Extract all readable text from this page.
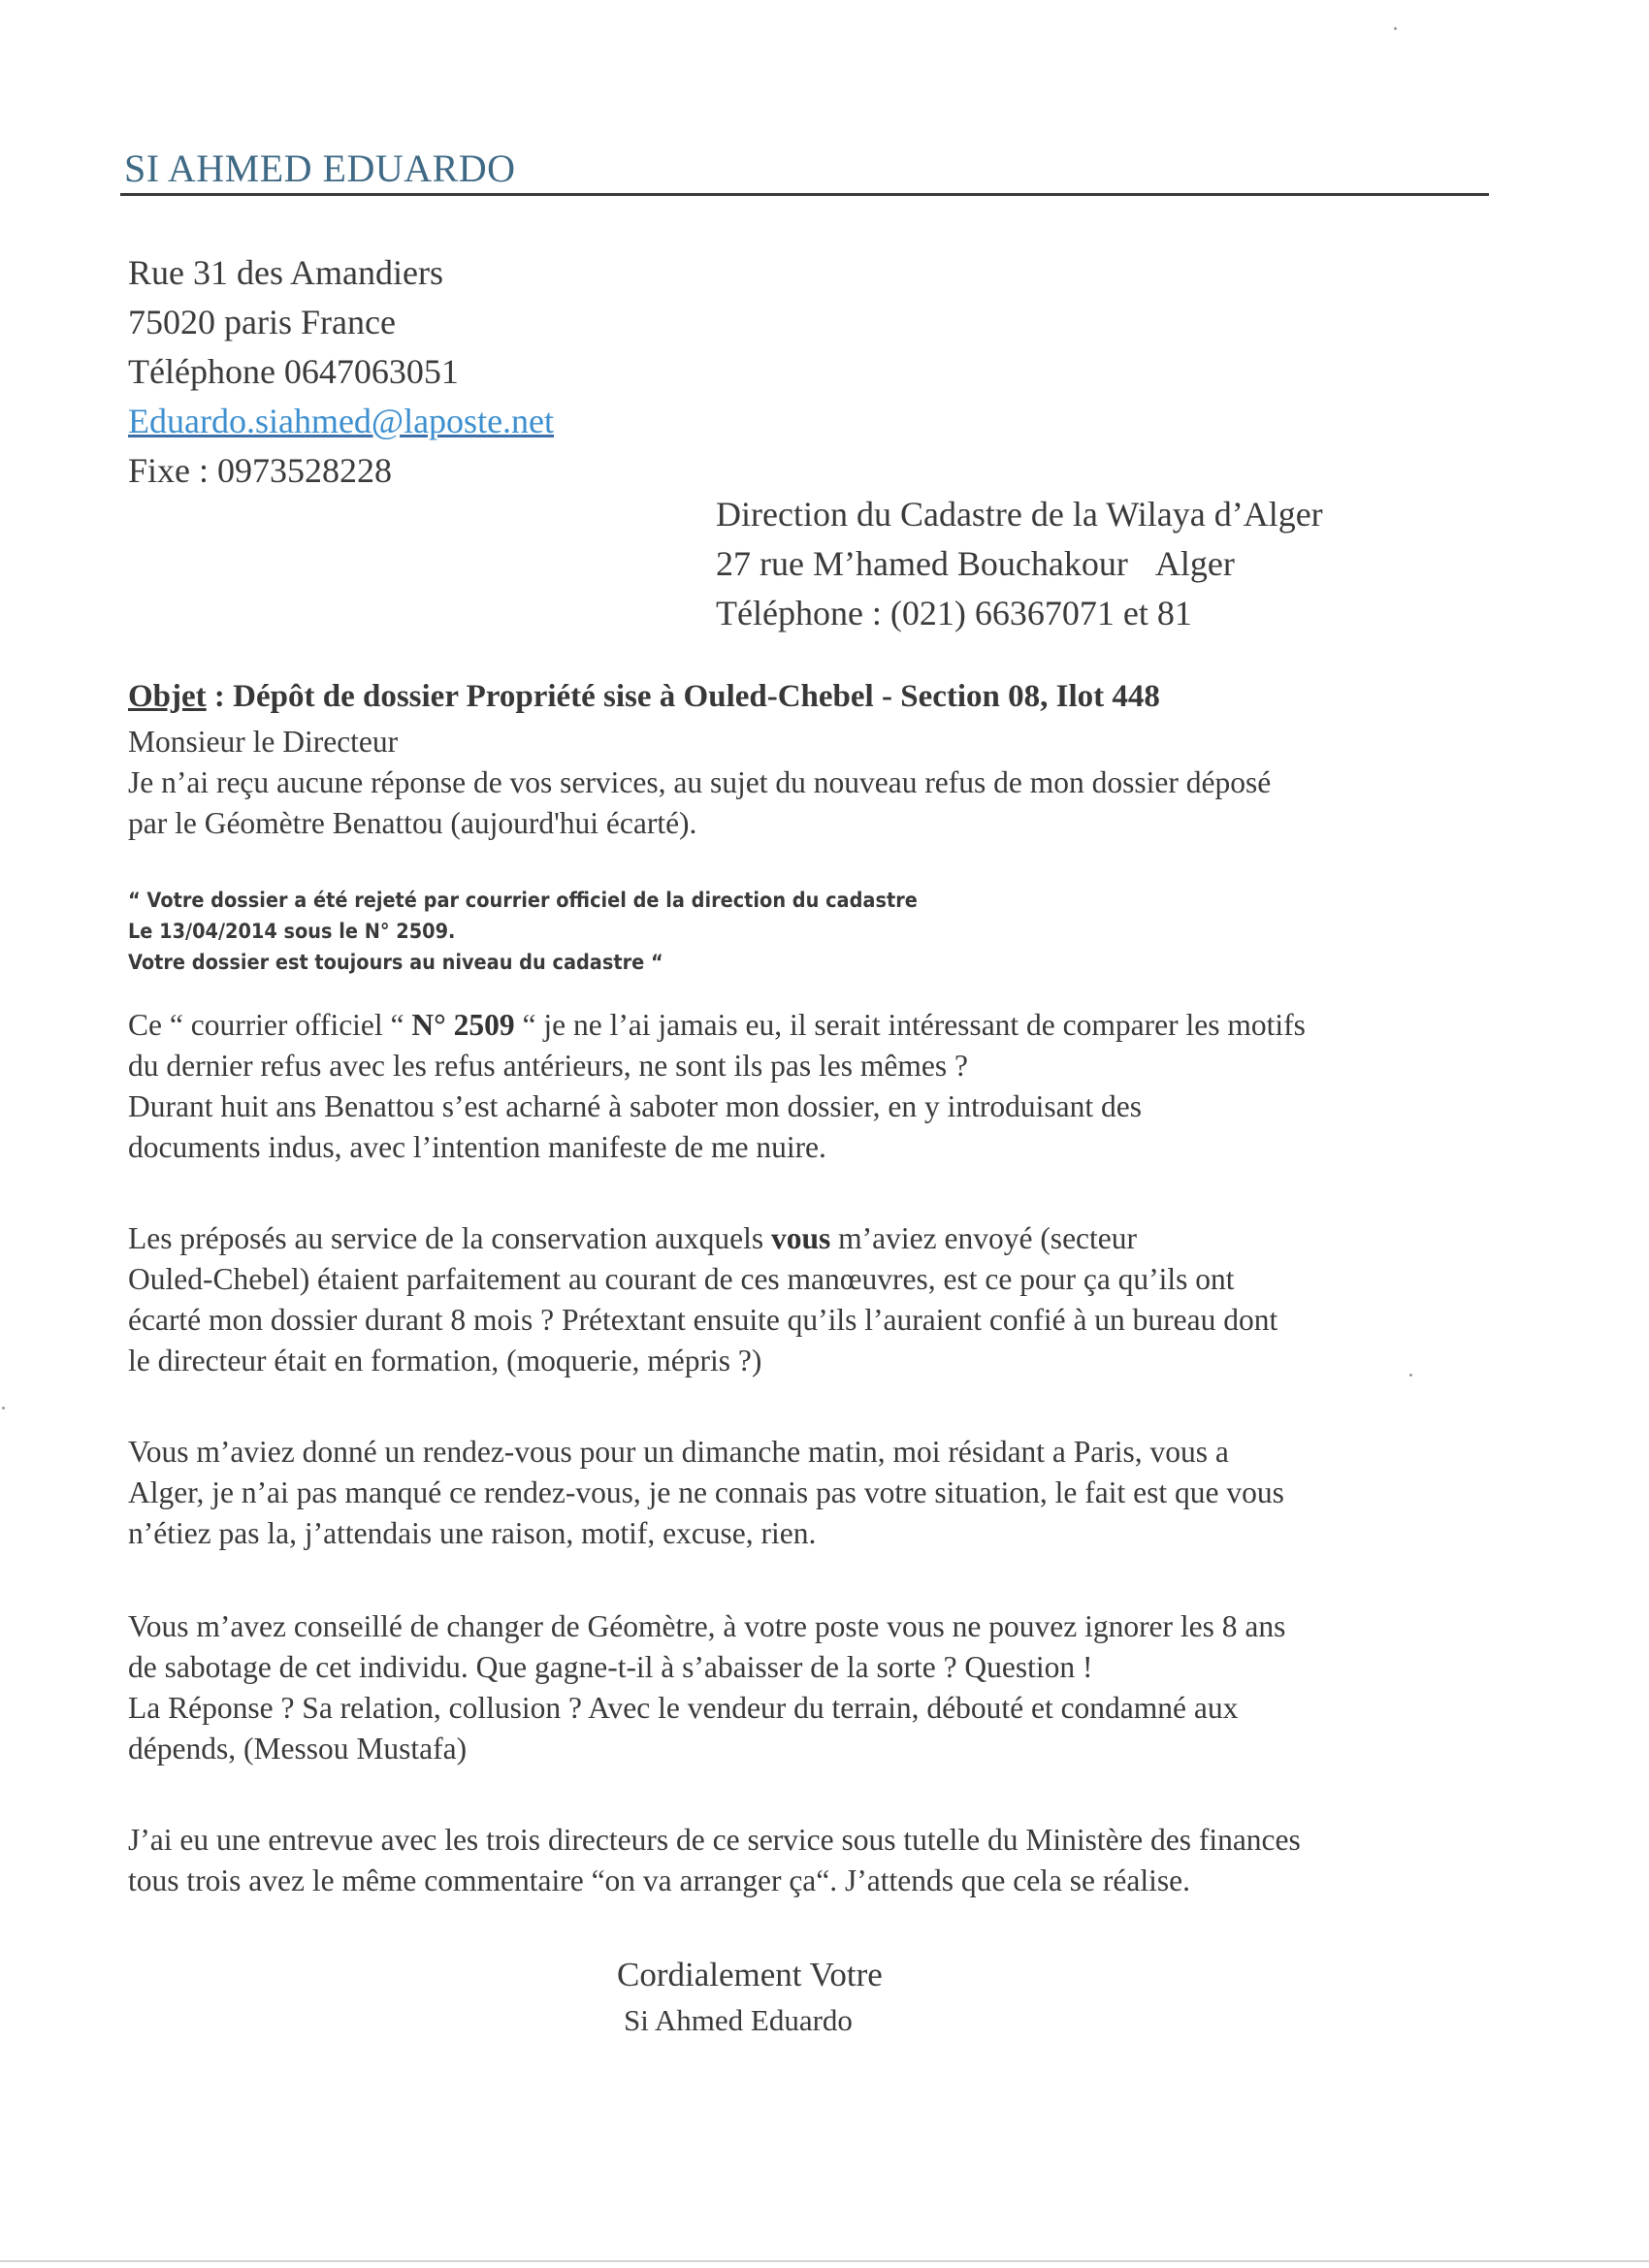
SI AHMED EDUARDO
Rue 31 des Amandiers
75020 paris France
Téléphone 0647063051
Eduardo.siahmed@laposte.net
Fixe : 0973528228
Direction du Cadastre de la Wilaya d’Alger
27 rue M’hamed Bouchakour Alger
Téléphone : (021) 66367071 et 81
Objet : Dépôt de dossier Propriété sise à Ouled-Chebel - Section 08, Ilot 448
Monsieur le Directeur
Je n’ai reçu aucune réponse de vos services, au sujet du nouveau refus de mon dossier déposé
par le Géomètre Benattou (aujourd'hui écarté).
“ Votre dossier a été rejeté par courrier officiel de la direction du cadastre
Le 13/04/2014 sous le N° 2509.
Votre dossier est toujours au niveau du cadastre “
Ce “ courrier officiel “ N° 2509 “ je ne l’ai jamais eu, il serait intéressant de comparer les motifs
du dernier refus avec les refus antérieurs, ne sont ils pas les mêmes ?
Durant huit ans Benattou s’est acharné à saboter mon dossier, en y introduisant des
documents indus, avec l’intention manifeste de me nuire.
Les préposés au service de la conservation auxquels vous m’aviez envoyé (secteur
Ouled-Chebel) étaient parfaitement au courant de ces manœuvres, est ce pour ça qu’ils ont
écarté mon dossier durant 8 mois ? Prétextant ensuite qu’ils l’auraient confié à un bureau dont
le directeur était en formation, (moquerie, mépris ?)
Vous m’aviez donné un rendez-vous pour un dimanche matin, moi résidant a Paris, vous a
Alger, je n’ai pas manqué ce rendez-vous, je ne connais pas votre situation, le fait est que vous
n’étiez pas la, j’attendais une raison, motif, excuse, rien.
Vous m’avez conseillé de changer de Géomètre, à votre poste vous ne pouvez ignorer les 8 ans
de sabotage de cet individu. Que gagne-t-il à s’abaisser de la sorte ? Question !
La Réponse ? Sa relation, collusion ? Avec le vendeur du terrain, débouté et condamné aux
dépends, (Messou Mustafa)
J’ai eu une entrevue avec les trois directeurs de ce service sous tutelle du Ministère des finances
tous trois avez le même commentaire “on va arranger ça“. J’attends que cela se réalise.
Cordialement Votre
Si Ahmed Eduardo
